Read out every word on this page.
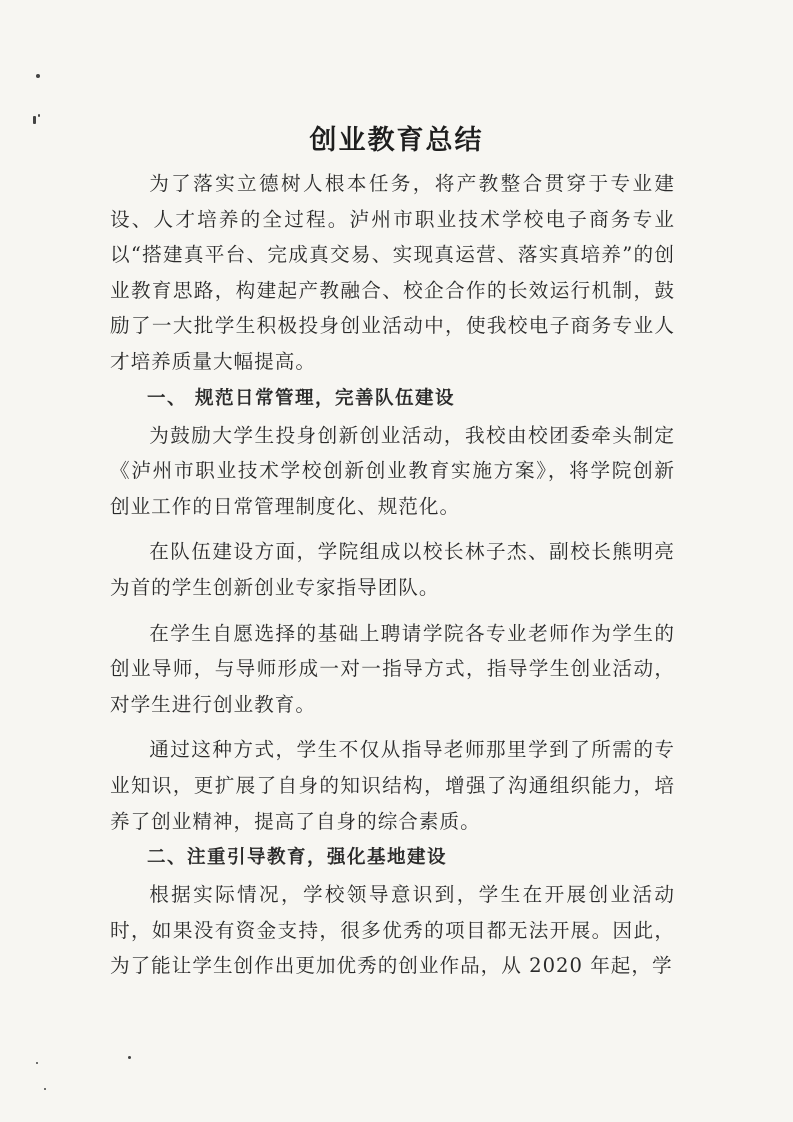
创业教育总结

为了落实立德树人根本任务，将产教整合贯穿于专业建设、人才培养的全过程。泸州市职业技术学校电子商务专业以“搭建真平台、完成真交易、实现真运营、落实真培养”的创业教育思路，构建起产教融合、校企合作的长效运行机制，鼓励了一大批学生积极投身创业活动中，使我校电子商务专业人才培养质量大幅提高。

一、 规范日常管理，完善队伍建设

为鼓励大学生投身创新创业活动，我校由校团委牵头制定《泸州市职业技术学校创新创业教育实施方案》，将学院创新创业工作的日常管理制度化、规范化。

在队伍建设方面，学院组成以校长林子杰、副校长熊明亮为首的学生创新创业专家指导团队。

在学生自愿选择的基础上聘请学院各专业老师作为学生的创业导师，与导师形成一对一指导方式，指导学生创业活动，对学生进行创业教育。

通过这种方式，学生不仅从指导老师那里学到了所需的专业知识，更扩展了自身的知识结构，增强了沟通组织能力，培养了创业精神，提高了自身的综合素质。

二、注重引导教育，强化基地建设

根据实际情况，学校领导意识到，学生在开展创业活动时，如果没有资金支持，很多优秀的项目都无法开展。因此，为了能让学生创作出更加优秀的创业作品，从 2020 年起，学
